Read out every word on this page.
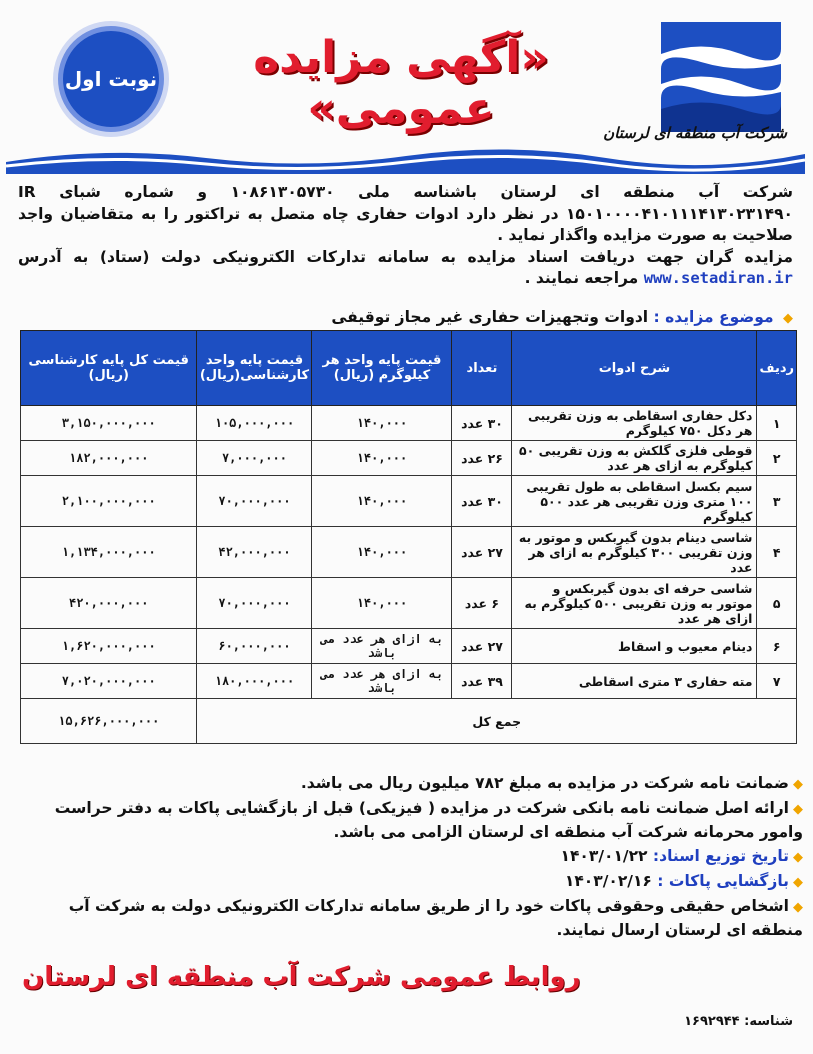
شرکت آب منطقه ای لرستان
«آگهی مزایده عمومی»
نوبت اول

شرکت آب منطقه ای لرستان باشناسه ملی ۱۰۸۶۱۳۰۵۷۳۰ و شماره شبای IR ۱۵۰۱۰۰۰۰۴۱۰۱۱۱۴۱۳۰۲۳۱۴۹۰ در نظر دارد ادوات حفاری چاه متصل به تراکتور را به متقاضیان واجد صلاحیت به صورت مزایده واگذار نماید .

مزایده گران جهت دریافت اسناد مزایده به سامانه تدارکات الکترونیکی دولت (ستاد) به آدرس www.setadiran.ir مراجعه نمایند .

◆ موضوع مزایده : ادوات وتجهیزات حفاری غیر مجاز توقیفی
ردیف	شرح ادوات	تعداد	قیمت پایه واحد هر کیلوگرم (ریال)	قیمت پایه واحد کارشناسی(ریال)	قیمت کل پایه کارشناسی (ریال)
۱	دکل حفاری اسقاطی به وزن تقریبی هر دکل ۷۵۰ کیلوگرم	۳۰ عدد	۱۴۰,۰۰۰	۱۰۵,۰۰۰,۰۰۰	۳,۱۵۰,۰۰۰,۰۰۰
۲	قوطی فلزی گلکش به وزن تقریبی ۵۰ کیلوگرم به ازای هر عدد	۲۶ عدد	۱۴۰,۰۰۰	۷,۰۰۰,۰۰۰	۱۸۲,۰۰۰,۰۰۰
۳	سیم بکسل اسقاطی به طول تقریبی ۱۰۰ متری وزن تقریبی هر عدد ۵۰۰ کیلوگرم	۳۰ عدد	۱۴۰,۰۰۰	۷۰,۰۰۰,۰۰۰	۲,۱۰۰,۰۰۰,۰۰۰
۴	شاسی دینام بدون گیربکس و موتور به وزن تقریبی ۳۰۰ کیلوگرم به ازای هر عدد	۲۷ عدد	۱۴۰,۰۰۰	۴۲,۰۰۰,۰۰۰	۱,۱۳۴,۰۰۰,۰۰۰
۵	شاسی حرفه ای بدون گیربکس و موتور به وزن تقریبی ۵۰۰ کیلوگرم به ازای هر عدد	۶ عدد	۱۴۰,۰۰۰	۷۰,۰۰۰,۰۰۰	۴۲۰,۰۰۰,۰۰۰
۶	دینام معیوب و اسقاط	۲۷ عدد	به ازای هر عدد می باشد	۶۰,۰۰۰,۰۰۰	۱,۶۲۰,۰۰۰,۰۰۰
۷	مته حفاری ۳ متری اسقاطی	۳۹ عدد	به ازای هر عدد می باشد	۱۸۰,۰۰۰,۰۰۰	۷,۰۲۰,۰۰۰,۰۰۰
جمع کل					۱۵,۶۲۶,۰۰۰,۰۰۰

◆ضمانت نامه شرکت در مزایده به مبلغ ۷۸۲ میلیون ریال می باشد.

◆ارائه اصل ضمانت نامه بانکی شرکت در مزایده ( فیزیکی) قبل از بازگشایی پاکات به دفتر حراست وامور محرمانه شرکت آب منطقه ای لرستان الزامی می باشد.

◆تاریخ توزیع اسناد: ۱۴۰۳/۰۱/۲۲

◆بازگشایی پاکات : ۱۴۰۳/۰۲/۱۶

◆اشخاص حقیقی وحقوقی پاکات خود را از طریق سامانه تدارکات الکترونیکی دولت به شرکت آب منطقه ای لرستان ارسال نمایند.

روابط عمومی شرکت آب منطقه ای لرستان
شناسه: ۱۶۹۲۹۴۴
